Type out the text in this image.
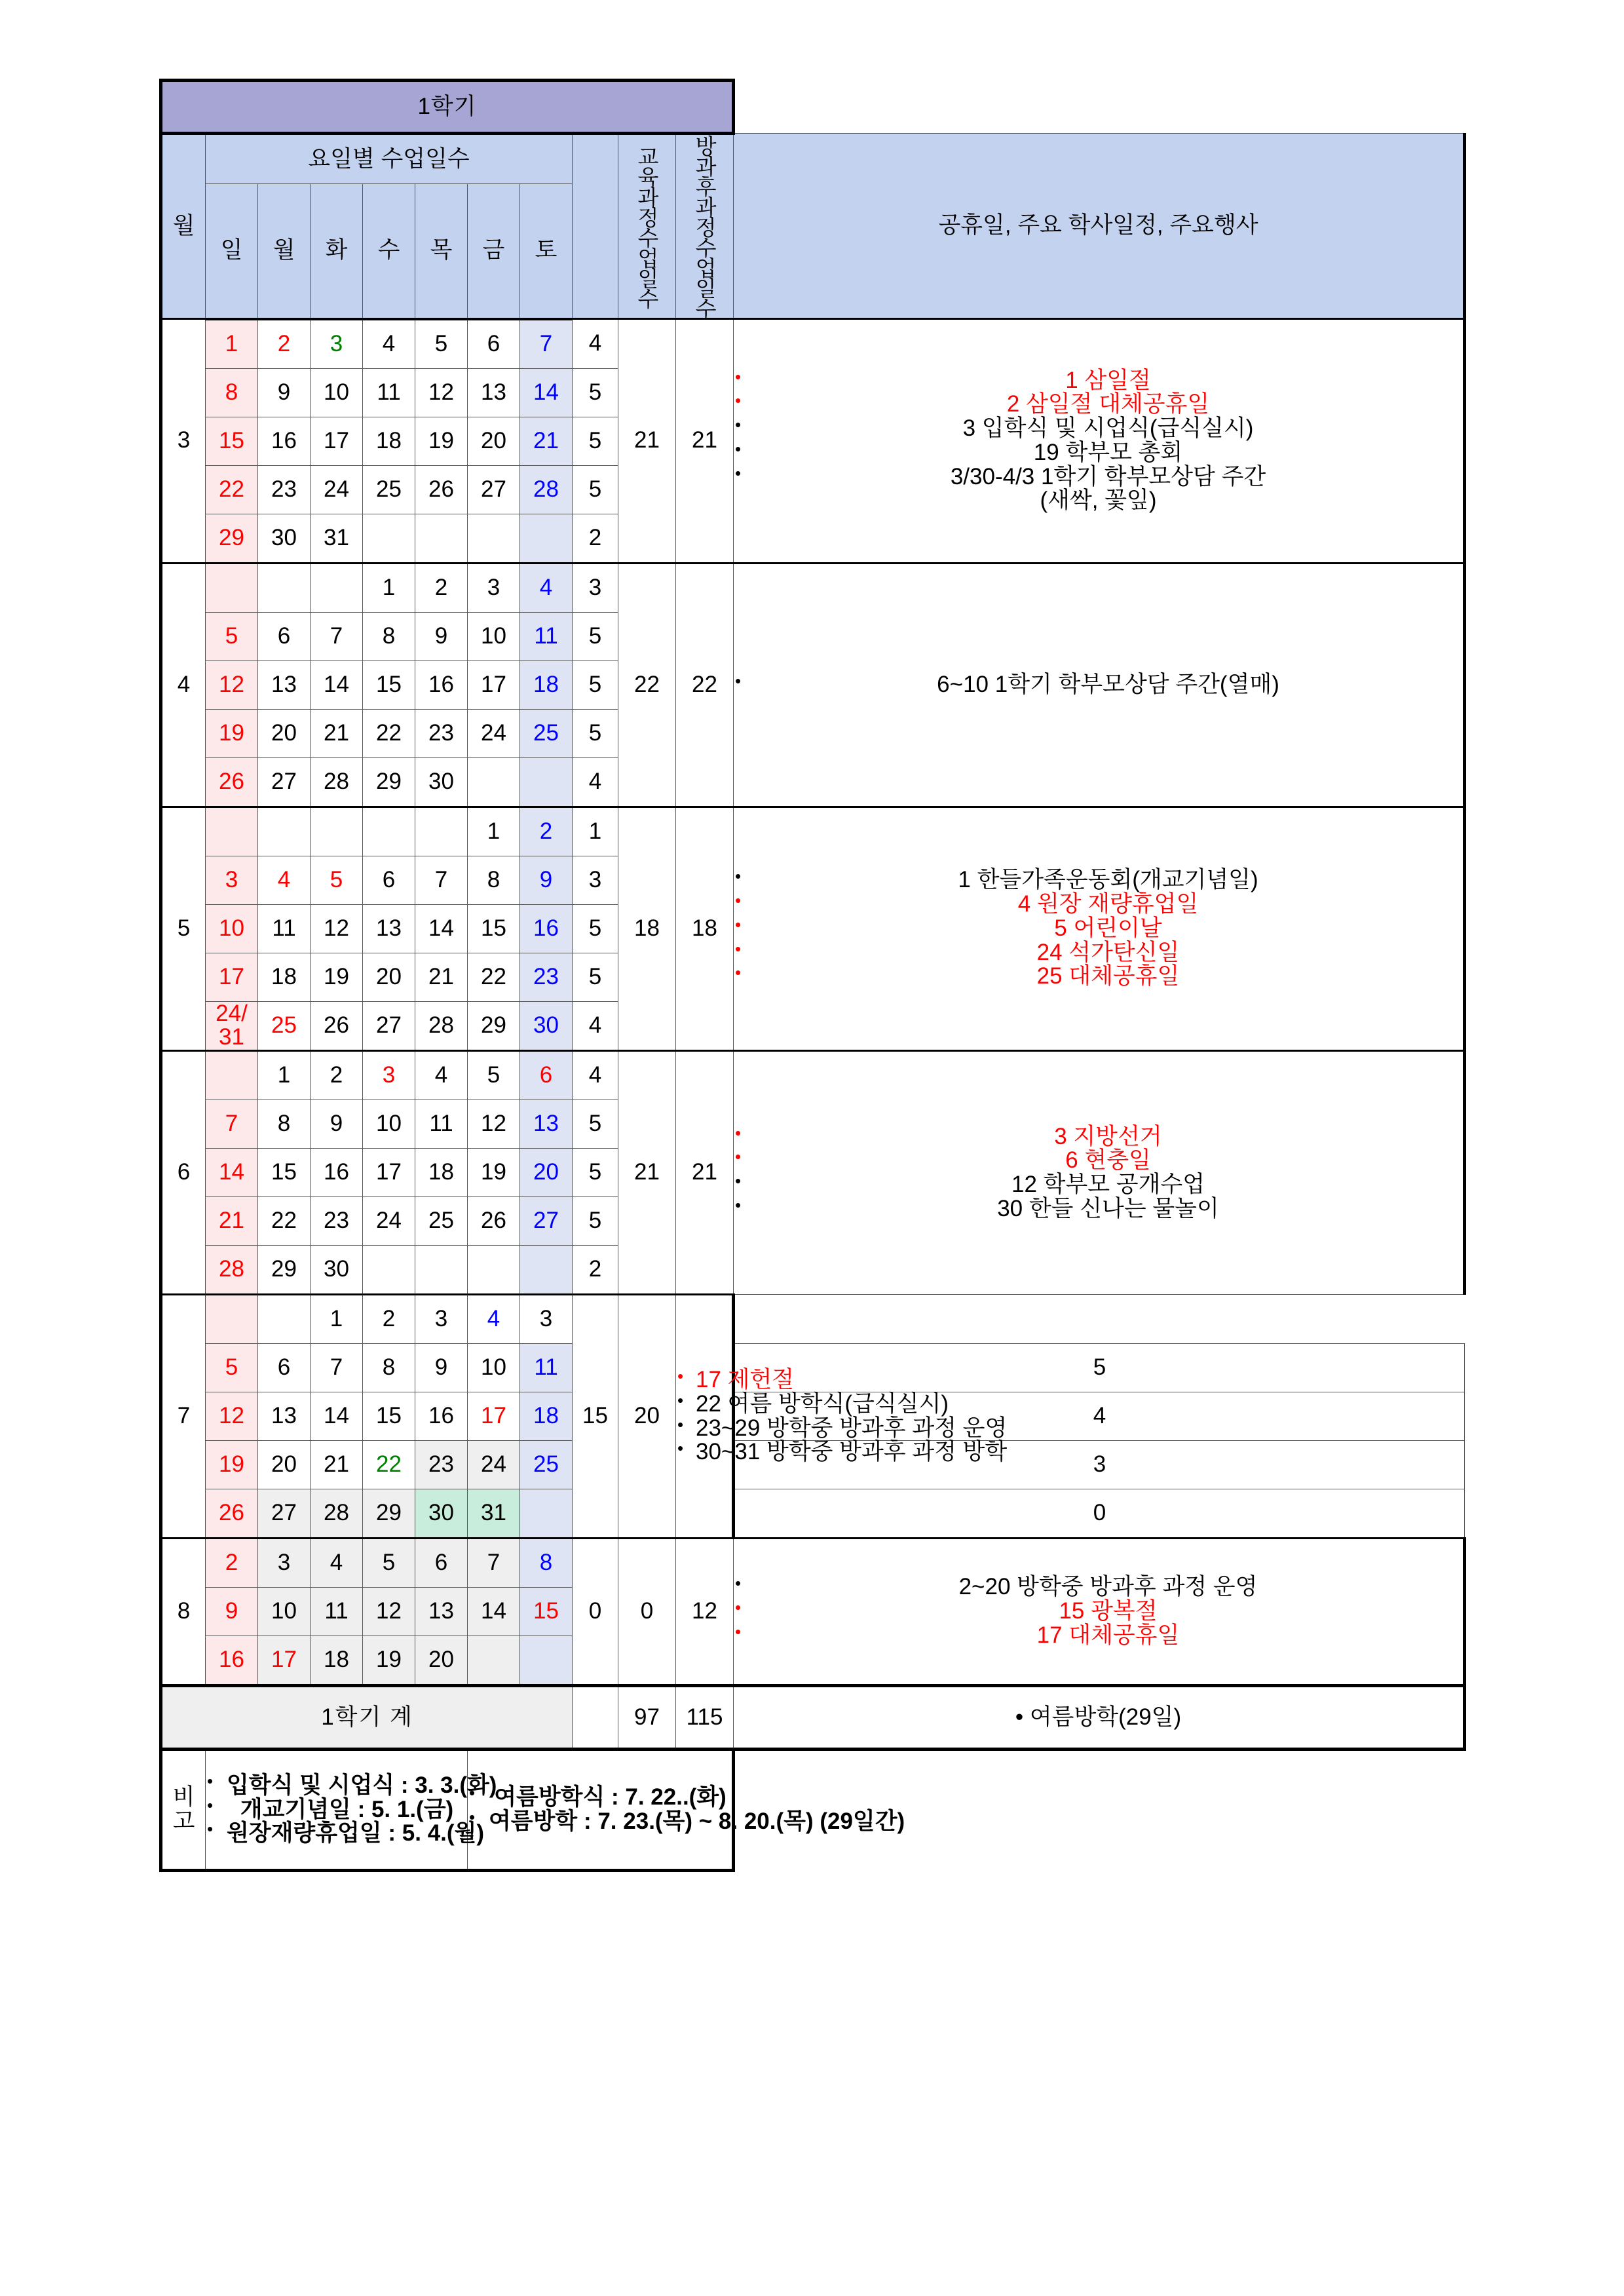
1학기											
월	요일별 수업일수								교육과정수업일수	방과후과정수업일수	공휴일, 주요 학사일정, 주요행사
	일	월	화	수	목	금	토				
3	1	2	3	4	5	6	7	4	21	21	
• 1 삼일절
• 2 삼일절 대체공휴일
• 3 입학식 및 시업식(급식실시)
• 19 학부모 총회
• 3/30-4/3 1학기 학부모상담 주간
(새싹, 꽃잎)

	8	9	10	11	12	13	14	5			
	15	16	17	18	19	20	21	5			
	22	23	24	25	26	27	28	5			
	29	30	31					2			
4				1	2	3	4	3	22	22	
•6~10 1학기 학부모상담 주간(열매)

	5	6	7	8	9	10	11	5			
	12	13	14	15	16	17	18	5			
	19	20	21	22	23	24	25	5			
	26	27	28	29	30			4			
5						1	2	1	18	18	
• 1 한들가족운동회(개교기념일)
• 4 원장 재량휴업일
• 5 어린이날
• 24 석가탄신일
• 25 대체공휴일

	3	4	5	6	7	8	9	3			
	10	11	12	13	14	15	16	5			
	17	18	19	20	21	22	23	5			
	24/
31	25	26	27	28	29	30	4			
6		1	2	3	4	5	6	4	21	21	
• 3 지방선거
• 6 현충일
• 12 학부모 공개수업
• 30 한들 신나는 물놀이

	7	8	9	10	11	12	13	5			
	14	15	16	17	18	19	20	5			
	21	22	23	24	25	26	27	5			
	28	29	30					2			
7			1	2	3	4	3	15	20	
• 17 제헌절
• 22 여름 방학식(급식실시)
• 23~29 방학중 방과후 과정 운영
• 30~31 방학중 방과후 과정 방학

	5	6	7	8	9	10	11				5
	12	13	14	15	16	17	18				4
	19	20	21	22	23	24	25				3
	26	27	28	29	30	31					0
8	2	3	4	5	6	7	8	0	0	12	
• 2~20 방학중 방과후 과정 운영
• 15 광복절
• 17 대체공휴일

	9	10	11	12	13	14	15				
	16	17	18	19	20						
1학기 계									97	115	• 여름방학(29일)
비고	
• 입학식 및 시업식 : 3. 3.(화)
• 개교기념일 : 5. 1.(금)
• 원장재량휴업일 : 5. 4.(월)

• 여름방학식 : 7. 22..(화)
• 여름방학 : 7. 23.(목) ~ 8. 20.(목) (29일간)
